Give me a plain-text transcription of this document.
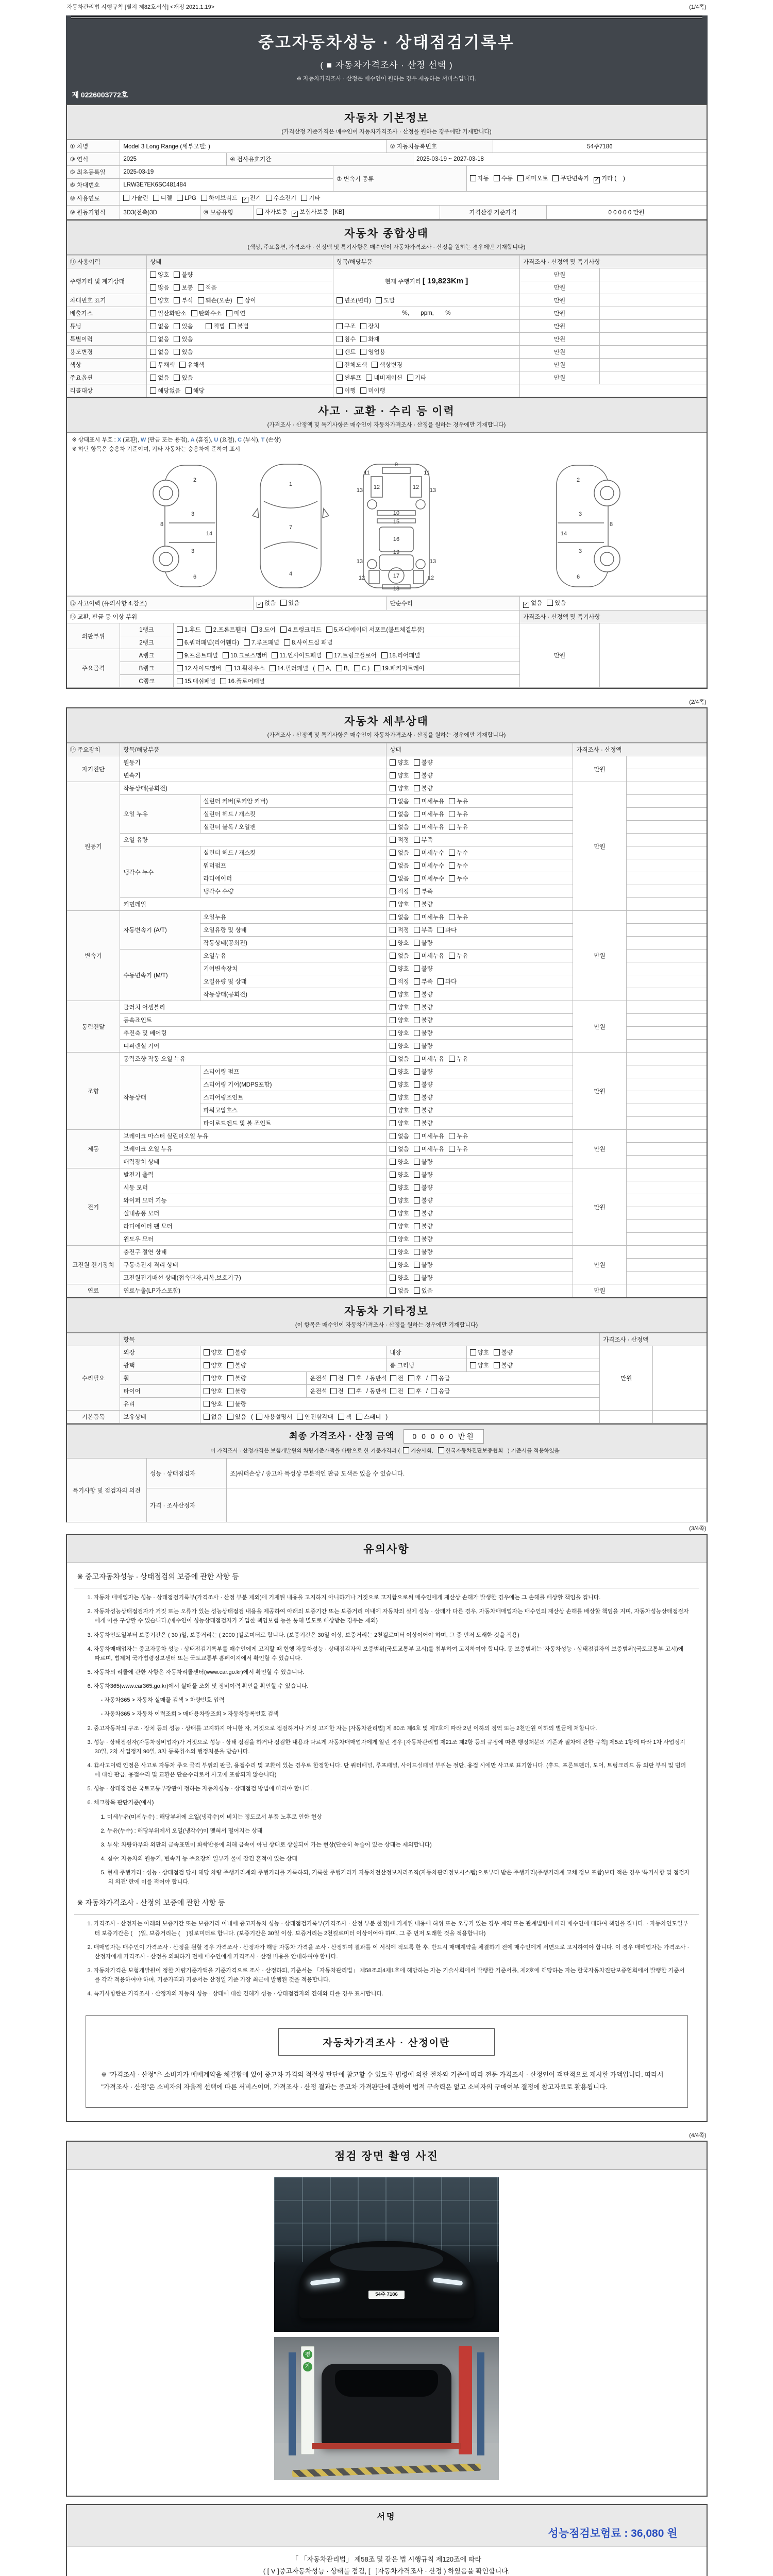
자동차관리법 시행규칙 [별지 제82호서식] <개정 2021.1.19>	(1/4쪽)
중고자동차성능 · 상태점검기록부
( ■ 자동차가격조사 · 산정 선택 )
※ 자동차가격조사 · 산정은 매수인이 원하는 경우 제공하는 서비스입니다.
제 0226003772호
자동차 기본정보
(가격산정 기준가격은 매수인이 자동차가격조사 · 산정을 원하는 경우에만 기재합니다)
① 차명	Model 3 Long Range (세부모델: )					② 자동차등록번호				54주7186	
③ 연식	2025		④ 검사유효기간				2025-03-19 ~ 2027-03-18				
⑤ 최초등록일	2025-03-19				⑦ 변속기 종류				자동 수동 세미오토 무단변속기 ✓ 기타 (    )		
⑥ 차대번호	LRW3E7EK6SC481484										
⑧ 사용연료	가솔린 디젤 LPG 하이브리드 ✓ 전기 수소전기 기타										
⑨ 원동기형식	3D3(전축)3D	⑩ 보증유형		자가보증 ✓ 보험사보증 [KB]				가격산정 기준가격			0 0 0 0 0 만원
자동차 종합상태
(색상, 주요옵션, 가격조사 · 산정액 및 특기사항은 매수인이 자동차가격조사 · 산정을 원하는 경우에만 기재합니다)
⑪ 사용이력	상태	항목/해당부품	가격조사 · 산정액 및 특기사항	
주행거리 및 계기상태	양호 불량	현재 주행거리 [ 19,823Km ]	만원	
	많음 보통 적음		만원	
차대번호 표기	양호 부식 훼손(오손) 상이	변조(변타) 도말	만원	
배출가스	일산화탄소 탄화수소 매연	%,       ppm,       %	만원	
튜닝	없음 있음 적법 불법	구조 장치	만원	
특별이력	없음 있음	침수 화재	만원	
용도변경	없음 있음	렌트 영업용	만원	
색상	무채색 유채색	전체도색 색상변경	만원	
주요옵션	없음 있음	썬루프 네비게이션 기타	만원	
리콜대상	해당없음 해당	이행 미이행		
사고 · 교환 · 수리 등 이력
(가격조사 · 산정액 및 특기사항은 매수인이 자동차가격조사 · 산정을 원하는 경우에만 기재합니다)
※ 상태표시 부호 : X (교환), W (판금 또는 용접), A (흠집), U (요철), C (부식), T (손상)
※ 하단 항목은 승용차 기준이며, 기타 자동차는 승용차에 준하여 표시
2
8
3
14
3
6
1
7
4
9
11	11
13	13
12	12
10
15
16
19
13	13
12	12
17
18
2
8
3
14
3
6
⑫ 사고이력 (유의사항 4.참조)			✓ 없음 있음	단순수리	✓ 없음 있음	
⑬ 교환, 판금 등 이상 부위					가격조사 · 산정액 및 특기사항	
외판부위	1랭크	1.후드 2.프론트휀더 3.도어 4.트렁크리드 5.라디에이터 서포트(볼트체결부품)			만원	
	2랭크	6.쿼터패널(리어휀다) 7.루프패널 8.사이드실 패널				
주요골격	A랭크	9.프론트패널 10.크로스멤버 11.인사이드패널 17.트렁크플로어 18.리어패널				
	B랭크	12.사이드멤버 13.휠하우스 14.필러패널 ( A, B, C ) 19.패키지트레이				
	C랭크	15.대쉬패널 16.플로어패널				
(2/4쪽)
자동차 세부상태
(가격조사 · 산정액 및 특기사항은 매수인이 자동차가격조사 · 산정을 원하는 경우에만 기재합니다)
⑭ 주요장치	항목/해당부품		상태	가격조사 · 산정액	
자기진단	원동기		양호 불량	만원	
	변속기		양호 불량		
원동기	작동상태(공회전)		양호 불량	만원	
	오일 누유	실린더 커버(로커암 커버)	없음 미세누유 누유		
		실린더 헤드 / 개스킷	없음 미세누유 누유		
		실린더 블록 / 오일팬	없음 미세누유 누유		
	오일 유량		적정 부족		
	냉각수 누수	실린더 헤드 / 개스킷	없음 미세누수 누수		
		워터펌프	없음 미세누수 누수		
		라디에이터	없음 미세누수 누수		
		냉각수 수량	적정 부족		
	커먼레일		양호 불량		
변속기	자동변속기 (A/T)	오일누유	없음 미세누유 누유	만원	
		오일유량 및 상태	적정 부족 과다		
		작동상태(공회전)	양호 불량		
	수동변속기 (M/T)	오일누유	없음 미세누유 누유		
		기어변속장치	양호 불량		
		오일유량 및 상태	적정 부족 과다		
		작동상태(공회전)	양호 불량		
동력전달	클러치 어셈블리		양호 불량	만원	
	등속죠인트		양호 불량		
	추진축 및 베어링		양호 불량		
	디퍼렌셜 기어		양호 불량		
조향	동력조향 작동 오일 누유		없음 미세누유 누유	만원	
	작동상태	스티어링 펌프	양호 불량		
		스티어링 기어(MDPS포함)	양호 불량		
		스티어링조인트	양호 불량		
		파워고압호스	양호 불량		
		타이로드엔드 및 볼 조인트	양호 불량		
제동	브레이크 마스터 실린더오일 누유		없음 미세누유 누유	만원	
	브레이크 오일 누유		없음 미세누유 누유		
	배력장치 상태		양호 불량		
전기	발전기 출력		양호 불량	만원	
	시동 모터		양호 불량		
	와이퍼 모터 기능		양호 불량		
	실내송풍 모터		양호 불량		
	라디에이터 팬 모터		양호 불량		
	윈도우 모터		양호 불량		
고전원 전기장치	충전구 절연 상태		양호 불량	만원	
	구동축전지 격리 상태		양호 불량		
	고전원전기배선 상태(접속단자,피복,보호기구)		양호 불량		
연료	연료누출(LP가스포함)		없음 있음	만원	
자동차 기타정보
(이 항목은 매수인이 자동차가격조사 · 산정을 원하는 경우에만 기재합니다)
	항목					가격조사 · 산정액	
수리필요	외장	양호 불량		내장	양호 불량	만원	
	광택	양호 불량		룸 크리닝	양호 불량		
	휠	양호 불량	운전석 전 후 / 동반석 전 후 / 응급				
	타이어	양호 불량	운전석 전 후 / 동반석 전 후 / 응급				
	유리	양호 불량					
기본품목	보유상태	없음 있음 ( 사용설명서 안전삼각대 잭 스패너 )					
최종 가격조사 · 산정 금액	0 0 0 0 0 만원
이 가격조사 · 산정가격은 보험개발원의 차량기준가액을 바탕으로 한 기준가격과 ( 기술사회, 한국자동차진단보증협회 ) 기준서를 적용하였음
특기사항 및 점검자의 의견	성능 · 상태점검자	조)쿼터손상 / 중고차 특성상 부분적인 판금 도색은 있을 수 있습니다.
	가격 · 조사산정자	
(3/4쪽)
유의사항
※ 중고자동차성능 · 상태점검의 보증에 관한 사항 등

1. 자동차 매매업자는 성능 · 상태점검기록부(가격조사 · 산정 부분 제외)에 기재된 내용을 고지하지 아니하거나 거짓으로 고지함으로써 매수인에게 재산상 손해가 발생한 경우에는 그 손해를 배상할 책임을 집니다.

2. 자동차성능상태점검자가 거짓 또는 오류가 있는 성능상태점검 내용을 제공하여 아래의 보증기간 또는 보증거리 이내에 자동차의 실제 성능 · 상태가 다른 경우, 자동차매매업자는 매수인의 재산상 손해를 배상할 책임을 지며, 자동차성능상태점검자에게 이를 구상할 수 있습니다.(매수인이 성능상태점검자가 가입한 책임보험 등을 통해 별도로 배상받는 경우는 제외)

3. 자동차인도일부터 보증기간은 ( 30 )일, 보증거리는 ( 2000 )킬로미터로 합니다. (보증기간은 30일 이상, 보증거리는 2천킬로미터 이상이어야 하며, 그 중 먼저 도래한 것을 적용)

4. 자동차매매업자는 중고자동차 성능 · 상태점검기록부를 매수인에게 고지할 때 현행 자동차성능 · 상태점검자의 보증범위(국토교통부 고시)를 첨부하여 고지하여야 합니다. 동 보증범위는 '자동차성능 · 상태점검자의 보증범위'(국토교통부 고시)에 따르며, 법제처 국가법령정보센터 또는 국토교통부 홈페이지에서 확인할 수 있습니다.

5. 자동차의 리콜에 관한 사항은 자동차리콜센터(www.car.go.kr)에서 확인할 수 있습니다.

6. 자동차365(www.car365.go.kr)에서 실매물 조회 및 정비이력 확인을 확인할 수 있습니다.

- 자동차365 > 자동차 실매물 검색 > 차량번호 입력

- 자동차365 > 자동차 이력조회 > 매매용차량조회 > 자동차등록번호 검색

2. 중고자동차의 구조 · 장치 등의 성능 · 상태를 고지하지 아니한 자, 거짓으로 점검하거나 거짓 고지한 자는 [자동차관리법] 제 80조 제6호 및 제7호에 따라 2년 이하의 징역 또는 2천만원 이하의 벌금에 처합니다.

3. 성능 · 상태점검자(자동차정비업자)가 거짓으로 성능 · 상태 점검을 하거나 점검한 내용과 다르게 자동차매매업자에게 알린 경우 [자동차관리법 제21조 제2항 등의 규정에 따른 행정처분의 기준과 절차에 관한 규칙] 제5조 1항에 따라 1차 사업정지 30일, 2차 사업정지 90일, 3차 등록취소의 행정처분을 받습니다.

4. ⑫사고이력 인정은 사고로 자동차 주요 골격 부위의 판금, 용접수리 및 교환이 있는 경우로 한정합니다. 단 쿼터패널, 루프패널, 사이드실패널 부위는 절단, 용접 시에만 사고로 표기합니다. (후드, 프론트펜더, 도어, 트렁크리드 등 외판 부위 및 범퍼에 대한 판금, 용접수리 및 교환은 단순수리로서 사고에 포함되지 않습니다)

5. 성능 · 상태점검은 국토교통부장관이 정하는 자동차성능 · 상태점검 방법에 따라야 합니다.

6. 체크항목 판단기준(예시)

1. 미세누유(미세누수) : 해당부위에 오일(냉각수)이 비치는 정도로서 부품 노후로 인한 현상

2. 누유(누수) : 해당부위에서 오일(냉각수)이 맺혀서 떨어지는 상태

3. 부식: 차량하부와 외판의 금속표면이 화학반응에 의해 금속이 아닌 상태로 상실되어 가는 현상(단순히 녹슬어 있는 상태는 제외합니다)

4. 침수: 자동차의 원동기, 변속기 등 주요장치 일부가 물에 잠긴 흔적이 있는 상태

5. 현재 주행거리 : 성능 · 상태점검 당시 해당 차량 주행거리계의 주행거리를 기록하되, 기록한 주행거리가 자동차전산정보처리조직(자동차관리정보시스템)으로부터 받은 주행거리(주행거리계 교체 정보 포함)보다 적은 경우 '특기사항 및 점검자의 의견' 란에 이를 적어야 합니다.

※ 자동차가격조사 · 산정의 보증에 관한 사항 등

1. 가격조사 · 산정자는 아래의 보증기간 또는 보증거리 이내에 중고자동차 성능 · 상태점검기록부(가격조사 · 산정 부분 한정)에 기재된 내용에 허위 또는 오류가 있는 경우 계약 또는 관계법령에 따라 매수인에 대하여 책임을 집니다. · 자동차인도일부터 보증기간은 (    )일, 보증거리는 (    )킬로미터로 합니다. (보증기간은 30일 이상, 보증거리는 2천킬로미터 이상이어야 하며, 그 중 먼저 도래한 것을 적용합니다)

2. 매매업자는 매수인이 가격조사 · 산정을 원할 경우 가격조사 · 산정자가 해당 자동차 가격을 조사 · 산정하여 결과를 이 서식에 적도록 한 후, 반드시 매매계약을 체결하기 전에 매수인에게 서면으로 고지하여야 합니다. 이 경우 매매업자는 가격조사 · 산정자에게 가격조사 · 산정을 의뢰하기 전에 매수인에게 가격조사 · 산정 비용을 안내하여야 합니다.

3. 자동차가격은 보험개발원이 정한 차량기준가액을 기준가격으로 조사 · 산정하되, 기준서는 「자동차관리법」 제58조의4제1호에 해당하는 자는 기술사회에서 발행한 기준서를, 제2호에 해당하는 자는 한국자동차진단보증협회에서 발행한 기준서를 각각 적용하여야 하며, 기준가격과 기준서는 산정일 기준 가장 최근에 발행된 것을 적용합니다.

4. 특기사항란은 가격조사 · 산정자의 자동차 성능 · 상태에 대한 견해가 성능 · 상태점검자의 견해와 다를 경우 표시합니다.

자동차가격조사 · 산정이란

※ "가격조사 · 산정"은 소비자가 매매계약을 체결함에 있어 중고차 가격의 적절성 판단에 참고할 수 있도록 법령에 의한 절차와 기준에 따라 전문 가격조사 · 산정인이 객관적으로 제시한 가액입니다. 따라서 "가격조사 · 산정"은 소비자의 자율적 선택에 따른 서비스이며, 가격조사 · 산정 결과는 중고차 가격판단에 관하여 법적 구속력은 없고 소비자의 구매여부 결정에 참고자료로 활용됩니다.

(4/4쪽)
점검 장면 촬영 사진
54주 7186
평
가
서명
성능점검보험료 : 36,080 원
「 「자동차관리법」 제58조 및 같은 법 시행규칙 제120조에 따라
( [ V ]중고자동차성능 · 상태를 점검, [   ]자동차가격조사 · 산정 ) 하였음을 확인합니다.
